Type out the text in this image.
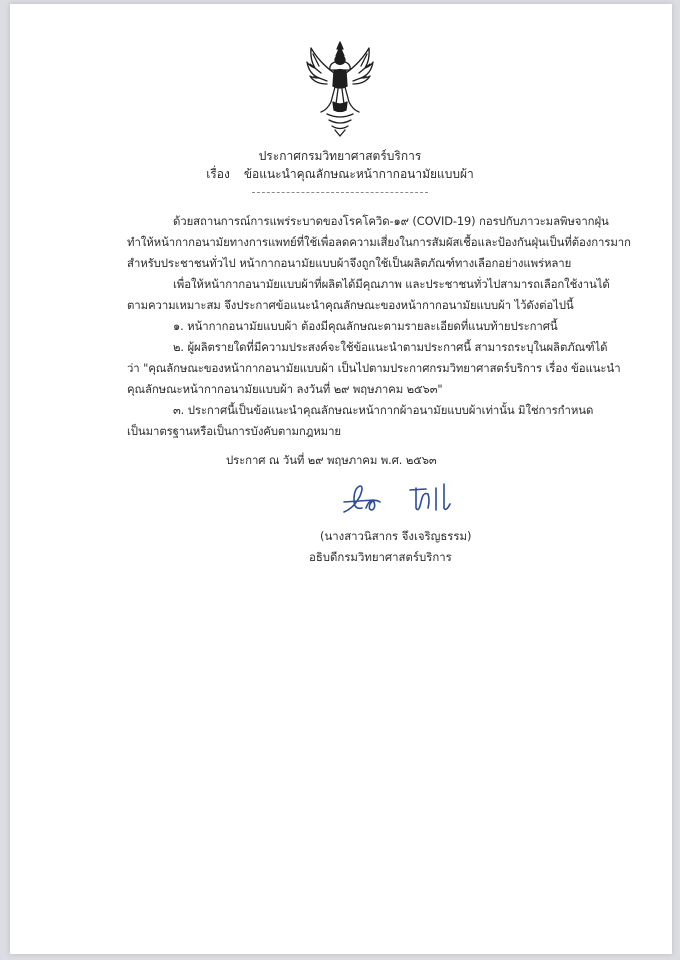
ประกาศกรมวิทยาศาสตร์บริการ
เรื่อง ข้อแนะนำคุณลักษณะหน้ากากอนามัยแบบผ้า
ด้วยสถานการณ์การแพร่ระบาดของโรคโควิด-๑๙ (COVID-19) กอรปกับภาวะมลพิษจากฝุ่น
ทำให้หน้ากากอนามัยทางการแพทย์ที่ใช้เพื่อลดความเสี่ยงในการสัมผัสเชื้อและป้องกันฝุ่นเป็นที่ต้องการมาก
สำหรับประชาชนทั่วไป หน้ากากอนามัยแบบผ้าจึงถูกใช้เป็นผลิตภัณฑ์ทางเลือกอย่างแพร่หลาย
เพื่อให้หน้ากากอนามัยแบบผ้าที่ผลิตได้มีคุณภาพ และประชาชนทั่วไปสามารถเลือกใช้งานได้
ตามความเหมาะสม จึงประกาศข้อแนะนำคุณลักษณะของหน้ากากอนามัยแบบผ้า ไว้ดังต่อไปนี้
๑. หน้ากากอนามัยแบบผ้า ต้องมีคุณลักษณะตามรายละเอียดที่แนบท้ายประกาศนี้
๒. ผู้ผลิตรายใดที่มีความประสงค์จะใช้ข้อแนะนำตามประกาศนี้ สามารถระบุในผลิตภัณฑ์ได้
ว่า "คุณลักษณะของหน้ากากอนามัยแบบผ้า เป็นไปตามประกาศกรมวิทยาศาสตร์บริการ เรื่อง ข้อแนะนำ
คุณลักษณะหน้ากากอนามัยแบบผ้า ลงวันที่ ๒๙ พฤษภาคม ๒๕๖๓"
๓. ประกาศนี้เป็นข้อแนะนำคุณลักษณะหน้ากากผ้าอนามัยแบบผ้าเท่านั้น มิใช่การกำหนด
เป็นมาตรฐานหรือเป็นการบังคับตามกฎหมาย
ประกาศ ณ วันที่ ๒๙ พฤษภาคม พ.ศ. ๒๕๖๓
(นางสาวนิสากร จึงเจริญธรรม)
อธิบดีกรมวิทยาศาสตร์บริการ
